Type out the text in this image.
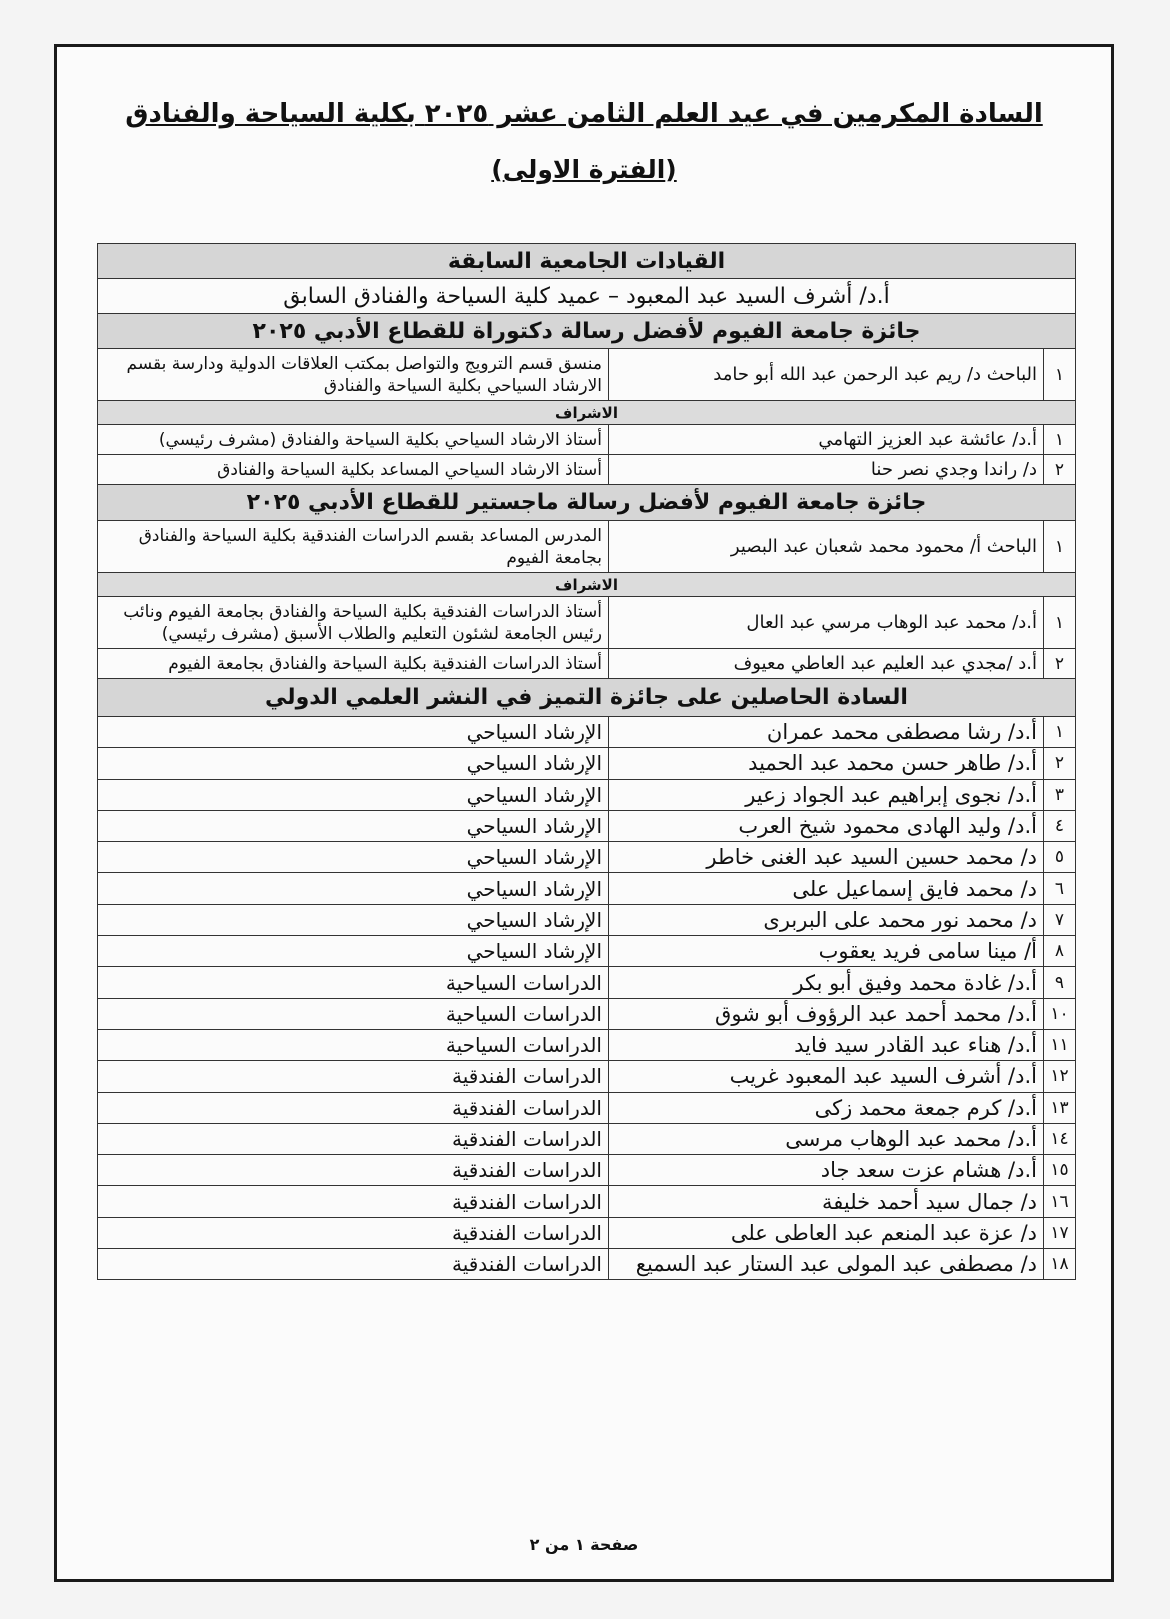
السادة المكرمين في عيد العلم الثامن عشر ٢٠٢٥ بكلية السياحة والفنادق
(الفترة الاولى)
القيادات الجامعية السابقة		
أ.د/ أشرف السيد عبد المعبود – عميد كلية السياحة والفنادق السابق		
جائزة جامعة الفيوم لأفضل رسالة دكتوراة للقطاع الأدبي ٢٠٢٥		
١	الباحث د/ ريم عبد الرحمن عبد الله أبو حامد	منسق قسم الترويج والتواصل بمكتب العلاقات الدولية ودارسة بقسم الارشاد السياحي بكلية السياحة والفنادق
الاشراف		
١	أ.د/ عائشة عبد العزيز التهامي	أستاذ الارشاد السياحي بكلية السياحة والفنادق (مشرف رئيسي)
٢	د/ راندا وجدي نصر حنا	أستاذ الارشاد السياحي المساعد بكلية السياحة والفنادق
جائزة جامعة الفيوم لأفضل رسالة ماجستير للقطاع الأدبي ٢٠٢٥		
١	الباحث أ/ محمود محمد شعبان عبد البصير	المدرس المساعد بقسم الدراسات الفندقية بكلية السياحة والفنادق بجامعة الفيوم
الاشراف		
١	أ.د/ محمد عبد الوهاب مرسي عبد العال	أستاذ الدراسات الفندقية بكلية السياحة والفنادق بجامعة الفيوم ونائب رئيس الجامعة لشئون التعليم والطلاب الأسبق (مشرف رئيسي)
٢	أ.د /مجدي عبد العليم عبد العاطي معيوف	أستاذ الدراسات الفندقية بكلية السياحة والفنادق بجامعة الفيوم
السادة الحاصلين على جائزة التميز في النشر العلمي الدولي		
١	أ.د/ رشا مصطفى محمد عمران	الإرشاد السياحي
٢	أ.د/ طاهر حسن محمد عبد الحميد	الإرشاد السياحي
٣	أ.د/ نجوى إبراهيم عبد الجواد زعير	الإرشاد السياحي
٤	أ.د/ وليد الهادى محمود شيخ العرب	الإرشاد السياحي
٥	د/ محمد حسين السيد عبد الغنى خاطر	الإرشاد السياحي
٦	د/ محمد فايق إسماعيل على	الإرشاد السياحي
٧	د/ محمد نور محمد على البربرى	الإرشاد السياحي
٨	أ/ مينا سامى فريد يعقوب	الإرشاد السياحي
٩	أ.د/ غادة محمد وفيق أبو بكر	الدراسات السياحية
١٠	أ.د/ محمد أحمد عبد الرؤوف أبو شوق	الدراسات السياحية
١١	أ.د/ هناء عبد القادر سيد فايد	الدراسات السياحية
١٢	أ.د/ أشرف السيد عبد المعبود غريب	الدراسات الفندقية
١٣	أ.د/ كرم جمعة محمد زكى	الدراسات الفندقية
١٤	أ.د/ محمد عبد الوهاب مرسى	الدراسات الفندقية
١٥	أ.د/ هشام عزت سعد جاد	الدراسات الفندقية
١٦	د/ جمال سيد أحمد خليفة	الدراسات الفندقية
١٧	د/ عزة عبد المنعم عبد العاطى على	الدراسات الفندقية
١٨	د/ مصطفى عبد المولى عبد الستار عبد السميع	الدراسات الفندقية
صفحة ١ من ٢
